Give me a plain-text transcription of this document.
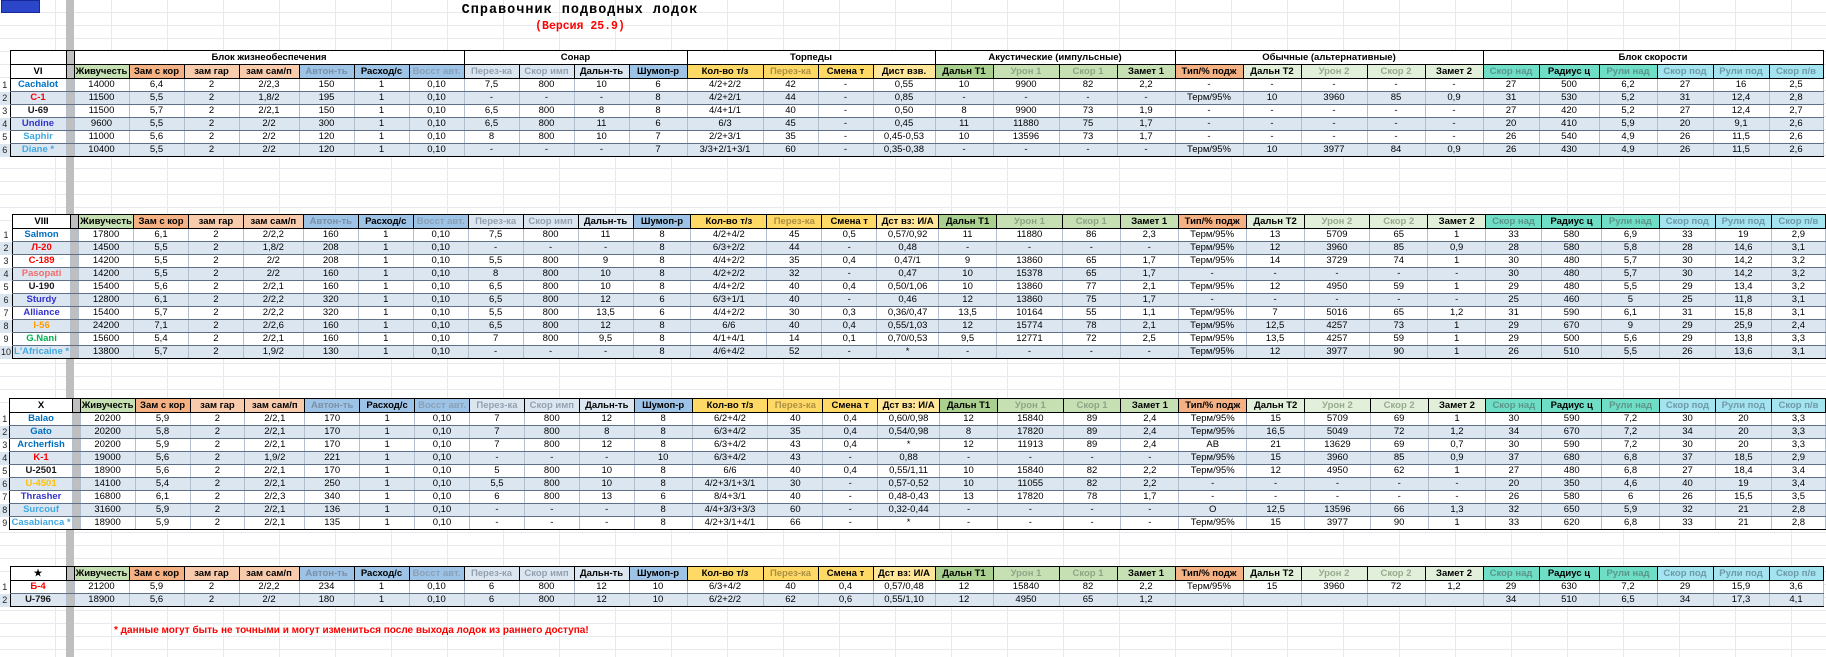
Справочник подводных лодок
(Версия 25.9)
			Блок жизнеобеспечения							Сонар				Торпеды				Акустические (импульсные)				Обычные (альтернативные)					Блок скорости					
	VI		Живучесть	Зам с кор	зам гар	зам сам/п	Автон-ть	Расход/с	Восст авт.	Перез-ка	Скор имп	Дальн-ть	Шумоп-р	Кол-во т/з	Перез-ка	Смена т	Дист взв.	Дальн Т1	Урон 1	Скор 1	Замет 1	Тип/% подж	Дальн Т2	Урон 2	Скор 2	Замет 2	Скор над	Радиус ц	Рули над	Скор под	Рули под	Скор п/в
1	Cachalot		14000	6,4	2	2/2,3	150	1	0,10	7,5	800	10	6	4/2+2/2	42	-	0,55	10	9900	82	2,2	-	-	-	-	-	27	500	6,2	27	16	2,5
2	C-1		11500	5,5	2	1,8/2	195	1	0,10	-	-	-	8	4/2+2/1	44	-	0,85	-	-	-	-	Терм/95%	10	3960	85	0,9	31	530	5,2	31	12,4	2,8
3	U-69		11500	5,7	2	2/2,1	150	1	0,10	6,5	800	8	8	4/4+1/1	40	-	0,50	8	9900	73	1,9	-	-	-	-	-	27	420	5,2	27	12,4	2,7
4	Undine		9600	5,5	2	2/2	300	1	0,10	6,5	800	11	6	6/3	45	-	0,45	11	11880	75	1,7	-	-	-	-	-	20	410	5,9	20	9,1	2,6
5	Saphir		11000	5,6	2	2/2	120	1	0,10	8	800	10	7	2/2+3/1	35	-	0,45-0,53	10	13596	73	1,7	-	-	-	-	-	26	540	4,9	26	11,5	2,6
6	Diane *		10400	5,5	2	2/2	120	1	0,10	-	-	-	7	3/3+2/1+3/1	60	-	0,35-0,38	-	-	-	-	Терм/95%	10	3977	84	0,9	26	430	4,9	26	11,5	2,6
	VIII		Живучесть	Зам с кор	зам гар	зам сам/п	Автон-ть	Расход/с	Восст авт.	Перез-ка	Скор имп	Дальн-ть	Шумоп-р	Кол-во т/з	Перез-ка	Смена т	Дст вз: И/А	Дальн Т1	Урон 1	Скор 1	Замет 1	Тип/% подж	Дальн Т2	Урон 2	Скор 2	Замет 2	Скор над	Радиус ц	Рули над	Скор под	Рули под	Скор п/в
1	Salmon		17800	6,1	2	2/2,2	160	1	0,10	7,5	800	11	8	4/2+4/2	45	0,5	0,57/0,92	11	11880	86	2,3	Терм/95%	13	5709	65	1	33	580	6,9	33	19	2,9
2	Л-20		14500	5,5	2	1,8/2	208	1	0,10	-	-	-	8	6/3+2/2	44	-	0,48	-	-	-	-	Терм/95%	12	3960	85	0,9	28	580	5,8	28	14,6	3,1
3	С-189		14200	5,5	2	2/2	208	1	0,10	5,5	800	9	8	4/4+2/2	35	0,4	0,47/1	9	13860	65	1,7	Терм/95%	14	3729	74	1	30	480	5,7	30	14,2	3,2
4	Pasopati		14200	5,5	2	2/2	160	1	0,10	8	800	10	8	4/2+2/2	32	-	0,47	10	15378	65	1,7	-	-	-	-	-	30	480	5,7	30	14,2	3,2
5	U-190		15400	5,6	2	2/2,1	160	1	0,10	6,5	800	10	8	4/4+2/2	40	0,4	0,50/1,06	10	13860	77	2,1	Терм/95%	12	4950	59	1	29	480	5,5	29	13,4	3,2
6	Sturdy		12800	6,1	2	2/2,2	320	1	0,10	6,5	800	12	6	6/3+1/1	40	-	0,46	12	13860	75	1,7	-	-	-	-	-	25	460	5	25	11,8	3,1
7	Alliance		15400	5,7	2	2/2,2	320	1	0,10	5,5	800	13,5	6	4/4+2/2	30	0,3	0,36/0,47	13,5	10164	55	1,1	Терм/95%	7	5016	65	1,2	31	590	6,1	31	15,8	3,1
8	I-56		24200	7,1	2	2/2,6	160	1	0,10	6,5	800	12	8	6/6	40	0,4	0,55/1,03	12	15774	78	2,1	Терм/95%	12,5	4257	73	1	29	670	9	29	25,9	2,4
9	G.Nani		15600	5,4	2	2/2,1	160	1	0,10	7	800	9,5	8	4/1+4/1	14	0,1	0,70/0,53	9,5	12771	72	2,5	Терм/95%	13,5	4257	59	1	29	500	5,6	29	13,8	3,3
10	L'Africaine *		13800	5,7	2	1,9/2	130	1	0,10	-	-	-	8	4/6+4/2	52	-	*	-	-	-	-	Терм/95%	12	3977	90	1	26	510	5,5	26	13,6	3,1
	X		Живучесть	Зам с кор	зам гар	зам сам/п	Автон-ть	Расход/с	Восст авт.	Перез-ка	Скор имп	Дальн-ть	Шумоп-р	Кол-во т/з	Перез-ка	Смена т	Дст вз: И/А	Дальн Т1	Урон 1	Скор 1	Замет 1	Тип/% подж	Дальн Т2	Урон 2	Скор 2	Замет 2	Скор над	Радиус ц	Рули над	Скор под	Рули под	Скор п/в
1	Balao		20200	5,9	2	2/2,1	170	1	0,10	7	800	12	8	6/2+4/2	40	0,4	0,60/0,98	12	15840	89	2,4	Терм/95%	15	5709	69	1	30	590	7,2	30	20	3,3
2	Gato		20200	5,8	2	2/2,1	170	1	0,10	7	800	8	8	6/3+4/2	35	0,4	0,54/0,98	8	17820	89	2,4	Терм/95%	16,5	5049	72	1,2	34	670	7,2	34	20	3,3
3	Archerfish		20200	5,9	2	2/2,1	170	1	0,10	7	800	12	8	6/3+4/2	43	0,4	*	12	11913	89	2,4	АВ	21	13629	69	0,7	30	590	7,2	30	20	3,3
4	K-1		19000	5,6	2	1,9/2	221	1	0,10	-	-	-	10	6/3+4/2	43	-	0,88	-	-	-	-	Терм/95%	15	3960	85	0,9	37	680	6,8	37	18,5	2,9
5	U-2501		18900	5,6	2	2/2,1	170	1	0,10	5	800	10	8	6/6	40	0,4	0,55/1,11	10	15840	82	2,2	Терм/95%	12	4950	62	1	27	480	6,8	27	18,4	3,4
6	U-4501		14100	5,4	2	2/2,1	250	1	0,10	5,5	800	10	8	4/2+3/1+3/1	30	-	0,57-0,52	10	11055	82	2,2	-	-	-	-	-	20	350	4,6	40	19	3,4
7	Thrasher		16800	6,1	2	2/2,3	340	1	0,10	6	800	13	6	8/4+3/1	40	-	0,48-0,43	13	17820	78	1,7	-	-	-	-	-	26	580	6	26	15,5	3,5
8	Surcouf		31600	5,9	2	2/2,1	136	1	0,10	-	-	-	8	4/4+3/3+3/3	60	-	0,32-0,44	-	-	-	-	О	12,5	13596	66	1,3	32	650	5,9	32	21	2,8
9	Casabianca *		18900	5,9	2	2/2,1	135	1	0,10	-	-	-	8	4/2+3/1+4/1	66	-	*	-	-	-	-	Терм/95%	15	3977	90	1	33	620	6,8	33	21	2,8
	★		Живучесть	Зам с кор	зам гар	зам сам/п	Автон-ть	Расход/с	Восст авт.	Перез-ка	Скор имп	Дальн-ть	Шумоп-р	Кол-во т/з	Перез-ка	Смена т	Дст вз: И/А	Дальн Т1	Урон 1	Скор 1	Замет 1	Тип/% подж	Дальн Т2	Урон 2	Скор 2	Замет 2	Скор над	Радиус ц	Рули над	Скор под	Рули под	Скор п/в
1	Б-4		21200	5,9	2	2/2,2	234	1	0,10	6	800	12	10	6/3+4/2	40	0,4	0,57/0,48	12	15840	82	2,2	Терм/95%	15	3960	72	1,2	29	630	7,2	29	15,9	3,6
2	U-796		18900	5,6	2	2/2	180	1	0,10	6	800	12	10	6/2+2/2	62	0,6	0,55/1,10	12	4950	65	1,2						34	510	6,5	34	17,3	4,1
* данные могут быть не точными и могут измениться после выхода лодок из раннего доступа!
